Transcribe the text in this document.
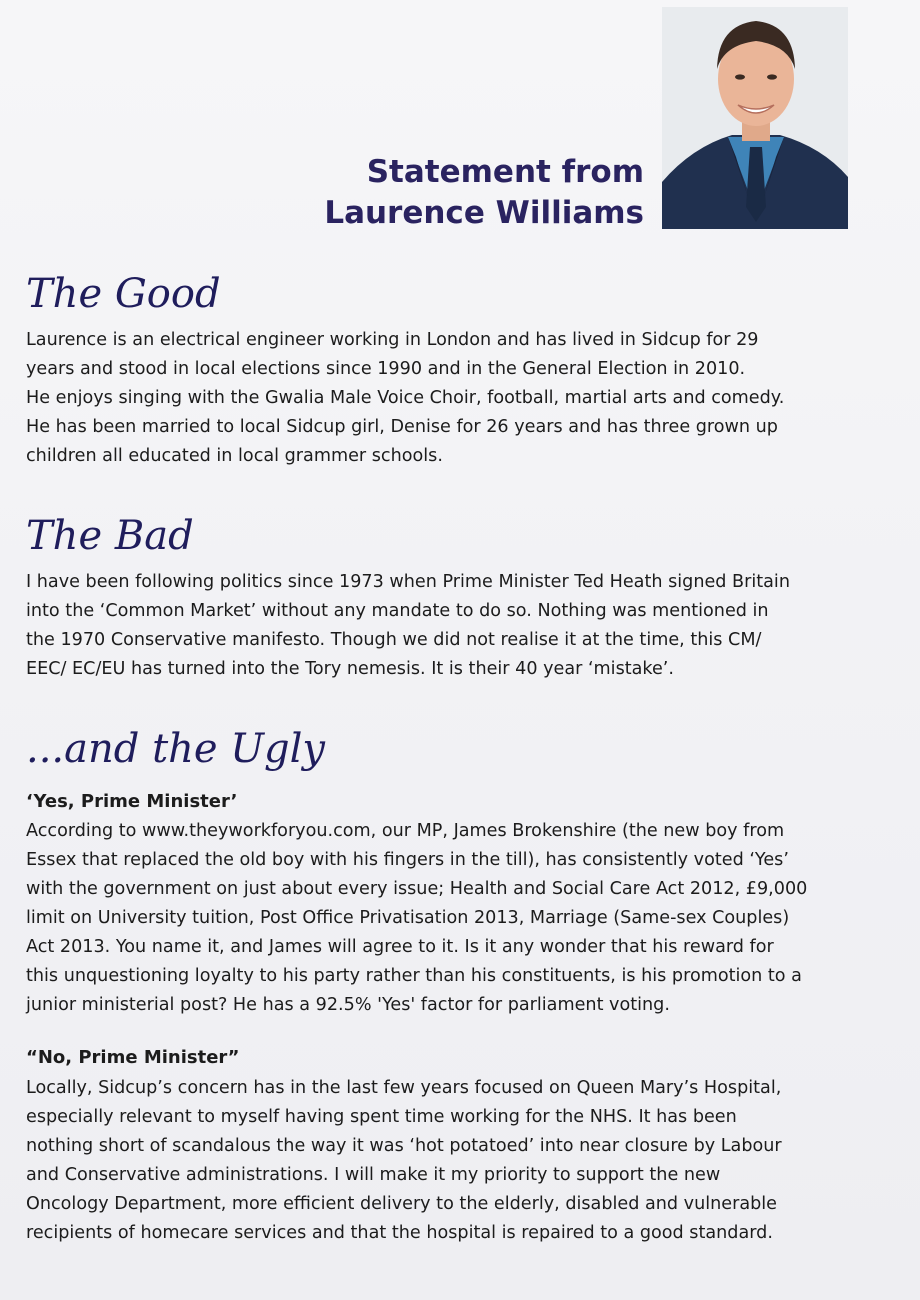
Statement from
Laurence Williams
The Good
Laurence is an electrical engineer working in London and has lived in Sidcup for 29
years and stood in local elections since 1990 and in the General Election in 2010.
He enjoys singing with the Gwalia Male Voice Choir, football, martial arts and comedy.
He has been married to local Sidcup girl, Denise for 26 years and has three grown up
children all educated in local grammer schools.
The Bad
I have been following politics since 1973 when Prime Minister Ted Heath signed Britain
into the ‘Common Market’ without any mandate to do so. Nothing was mentioned in
the 1970 Conservative manifesto. Though we did not realise it at the time, this CM/
EEC/ EC/EU has turned into the Tory nemesis. It is their 40 year ‘mistake’.
...and the Ugly
‘Yes, Prime Minister’
According to www.theyworkforyou.com, our MP, James Brokenshire (the new boy from
Essex that replaced the old boy with his fingers in the till), has consistently voted ‘Yes’
with the government on just about every issue; Health and Social Care Act 2012, £9,000
limit on University tuition, Post Office Privatisation 2013, Marriage (Same-sex Couples)
Act 2013. You name it, and James will agree to it. Is it any wonder that his reward for
this unquestioning loyalty to his party rather than his constituents, is his promotion to a
junior ministerial post? He has a 92.5% 'Yes' factor for parliament voting.
“No, Prime Minister”
Locally, Sidcup’s concern has in the last few years focused on Queen Mary’s Hospital,
especially relevant to myself having spent time working for the NHS. It has been
nothing short of scandalous the way it was ‘hot potatoed’ into near closure by Labour
and Conservative administrations. I will make it my priority to support the new
Oncology Department, more efficient delivery to the elderly, disabled and vulnerable
recipients of homecare services and that the hospital is repaired to a good standard.
